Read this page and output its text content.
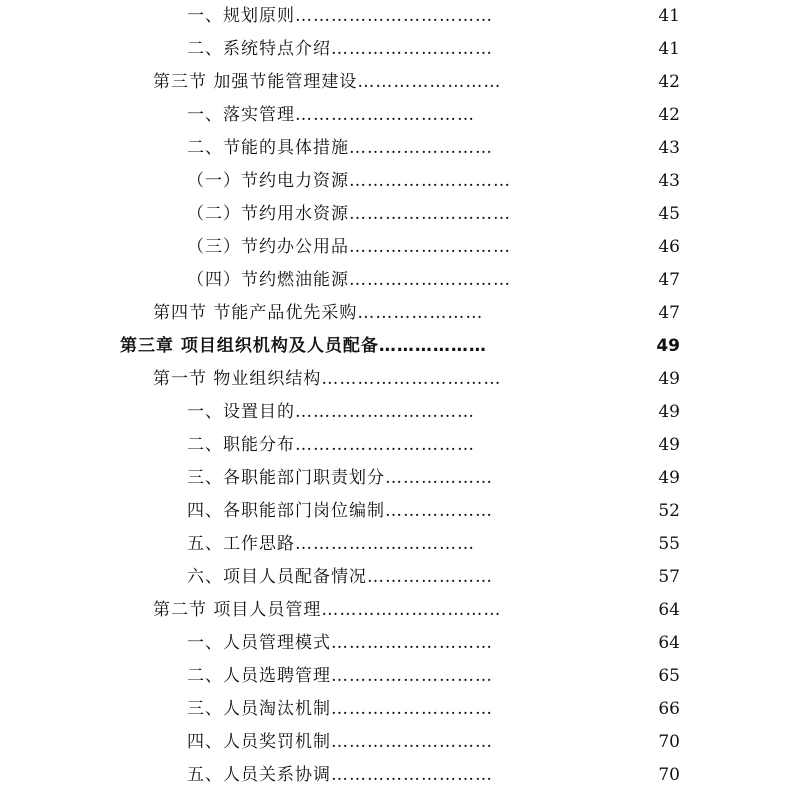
一、规划原则……………………………	41
二、系统特点介绍………………………	41
第三节 加强节能管理建设……………………	42
一、落实管理…………………………	42
二、节能的具体措施……………………	43
（一）节约电力资源………………………	43
（二）节约用水资源………………………	45
（三）节约办公用品………………………	46
（四）节约燃油能源………………………	47
第四节 节能产品优先采购…………………	47
第三章 项目组织机构及人员配备………………	49
第一节 物业组织结构…………………………	49
一、设置目的…………………………	49
二、职能分布…………………………	49
三、各职能部门职责划分………………	49
四、各职能部门岗位编制………………	52
五、工作思路…………………………	55
六、项目人员配备情况…………………	57
第二节 项目人员管理…………………………	64
一、人员管理模式………………………	64
二、人员选聘管理………………………	65
三、人员淘汰机制………………………	66
四、人员奖罚机制………………………	70
五、人员关系协调………………………	70
